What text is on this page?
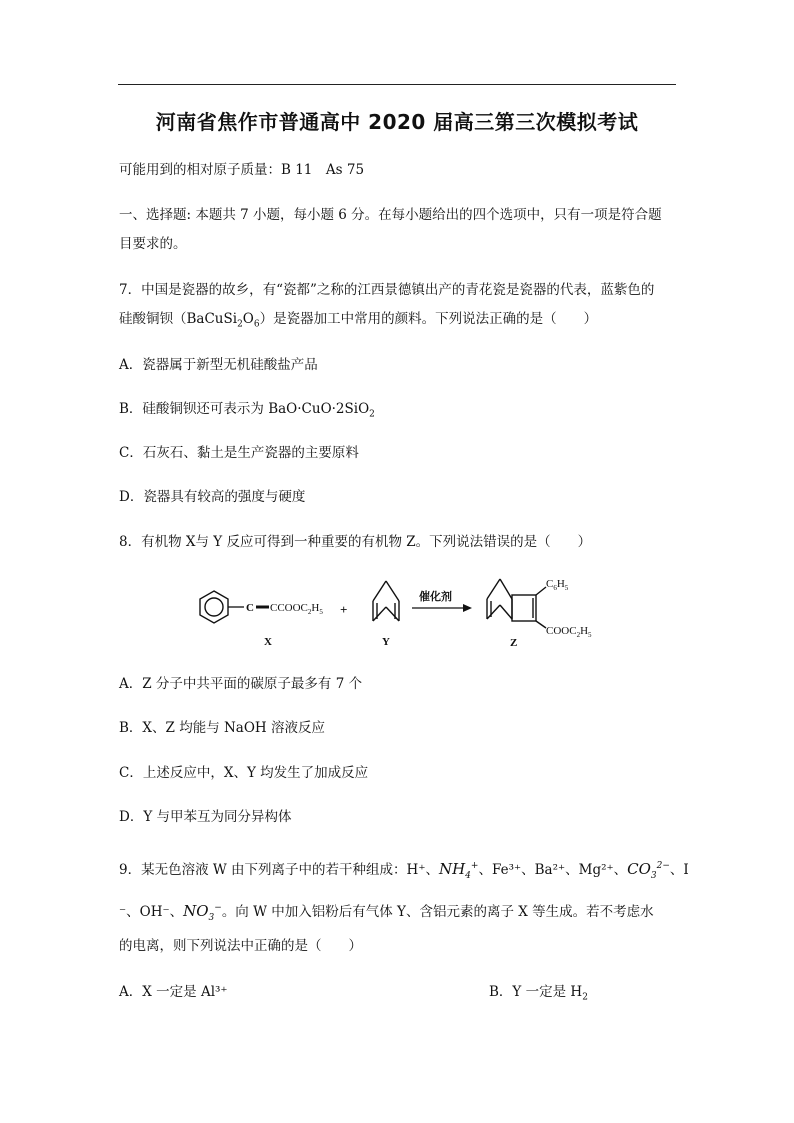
河南省焦作市普通高中 2020 届高三第三次模拟考试
可能用到的相对原子质量：B 11　As 75
一、选择题: 本题共 7 小题，每小题 6 分。在每小题给出的四个选项中，只有一项是符合题
目要求的。
7．中国是瓷器的故乡，有“瓷都”之称的江西景德镇出产的青花瓷是瓷器的代表，蓝紫色的
硅酸铜钡$(BaCuSi_2O_6)$是瓷器加工中常用的颜料。下列说法正确的是（　　）
A．瓷器属于新型无机硅酸盐产品
B．硅酸铜钡还可表示为 BaO·CuO·2SiO$_2$
C．石灰石、黏土是生产瓷器的主要原料
D．瓷器具有较高的强度与硬度
8．有机物 X与 Y 反应可得到一种重要的有机物 Z。下列说法错误的是（　　）
C $CCOOC_2H_5$
X
+
Y
催化剂
$C_6H_5$
$COOC_2H_5$
Z
A．Z 分子中共平面的碳原子最多有 7 个
B．X、Z 均能与 NaOH 溶液反应
C．上述反应中，X、Y 均发生了加成反应
D．Y 与甲苯互为同分异构体
9．某无色溶液 W 由下列离子中的若干种组成：H⁺、$NH_4^+$、Fe³⁺、Ba²⁺、Mg²⁺、$CO_3^{2-}$、I
⁻、OH⁻、$NO_3^-$。向 W 中加入铝粉后有气体 Y、含铝元素的离子 X 等生成。若不考虑水
的电离，则下列说法中正确的是（　　）
A．X 一定是 Al³⁺	B．Y 一定是 $H_2$
